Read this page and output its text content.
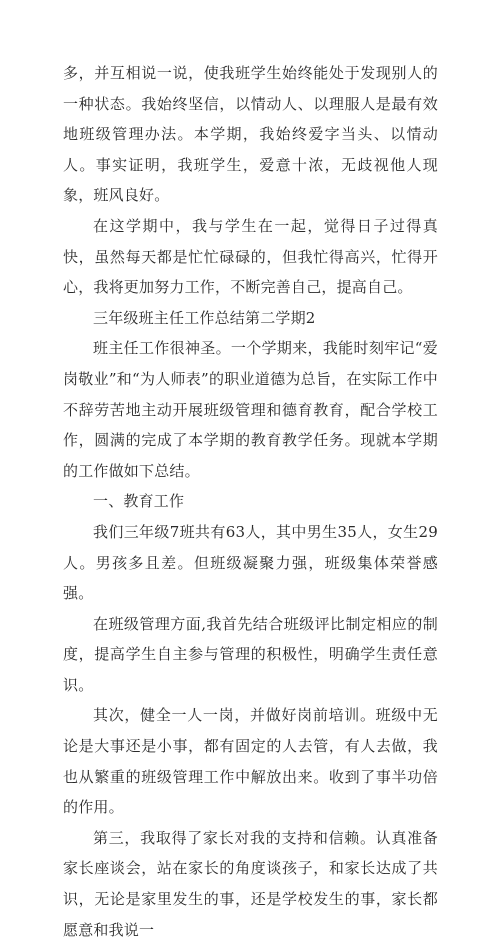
多，并互相说一说，使我班学生始终能处于发现别人的一种状态。我始终坚信，以情动人、以理服人是最有效地班级管理办法。本学期，我始终爱字当头、以情动人。事实证明，我班学生，爱意十浓，无歧视他人现象，班风良好。

在这学期中，我与学生在一起，觉得日子过得真快，虽然每天都是忙忙碌碌的，但我忙得高兴，忙得开心，我将更加努力工作，不断完善自己，提高自己。

三年级班主任工作总结第二学期2

班主任工作很神圣。一个学期来，我能时刻牢记“爱岗敬业”和“为人师表”的职业道德为总旨，在实际工作中不辞劳苦地主动开展班级管理和德育教育，配合学校工作，圆满的完成了本学期的教育教学任务。现就本学期的工作做如下总结。

一、教育工作

我们三年级7班共有63人，其中男生35人，女生29人。男孩多且差。但班级凝聚力强，班级集体荣誉感强。

在班级管理方面,我首先结合班级评比制定相应的制度，提高学生自主参与管理的积极性，明确学生责任意识。

其次，健全一人一岗，并做好岗前培训。班级中无论是大事还是小事，都有固定的人去管，有人去做，我也从繁重的班级管理工作中解放出来。收到了事半功倍的作用。

第三，我取得了家长对我的支持和信赖。认真准备家长座谈会，站在家长的角度谈孩子，和家长达成了共识，无论是家里发生的事，还是学校发生的事，家长都愿意和我说一
